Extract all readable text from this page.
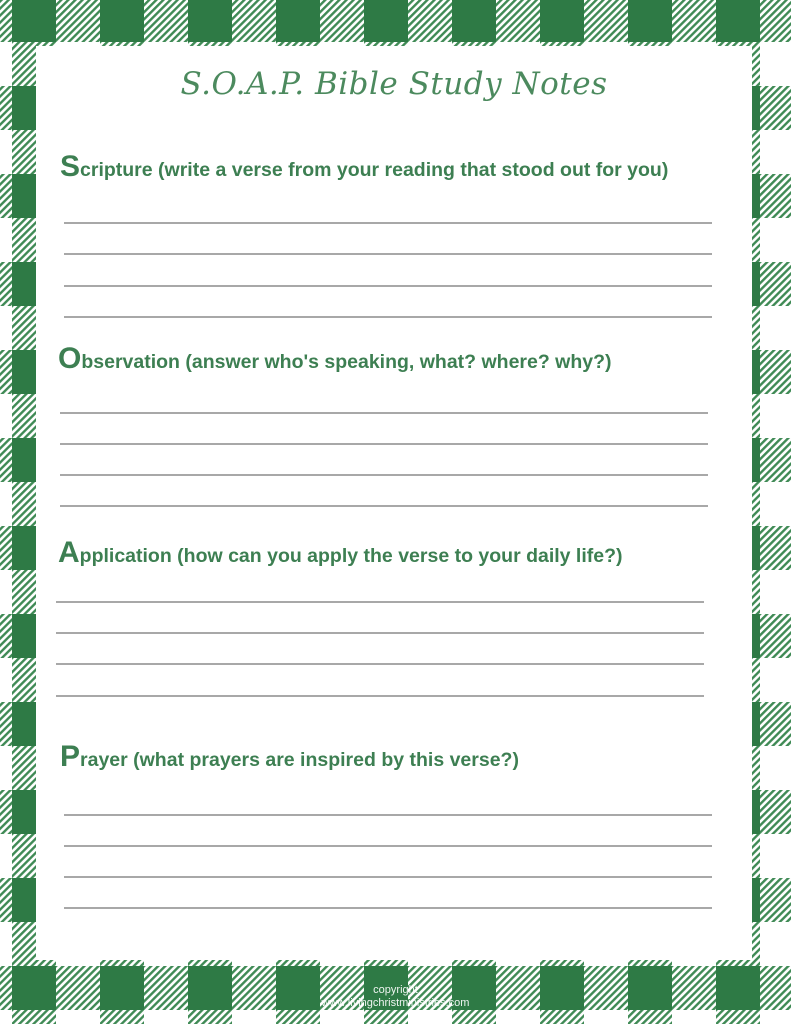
S.O.A.P. Bible Study Notes
Scripture (write a verse from your reading that stood out for you)
Observation (answer who's speaking, what? where? why?)
Application (how can you apply the verse to your daily life?)
Prayer (what prayers are inspired by this verse?)
copyright
www.livingchristministries.com
